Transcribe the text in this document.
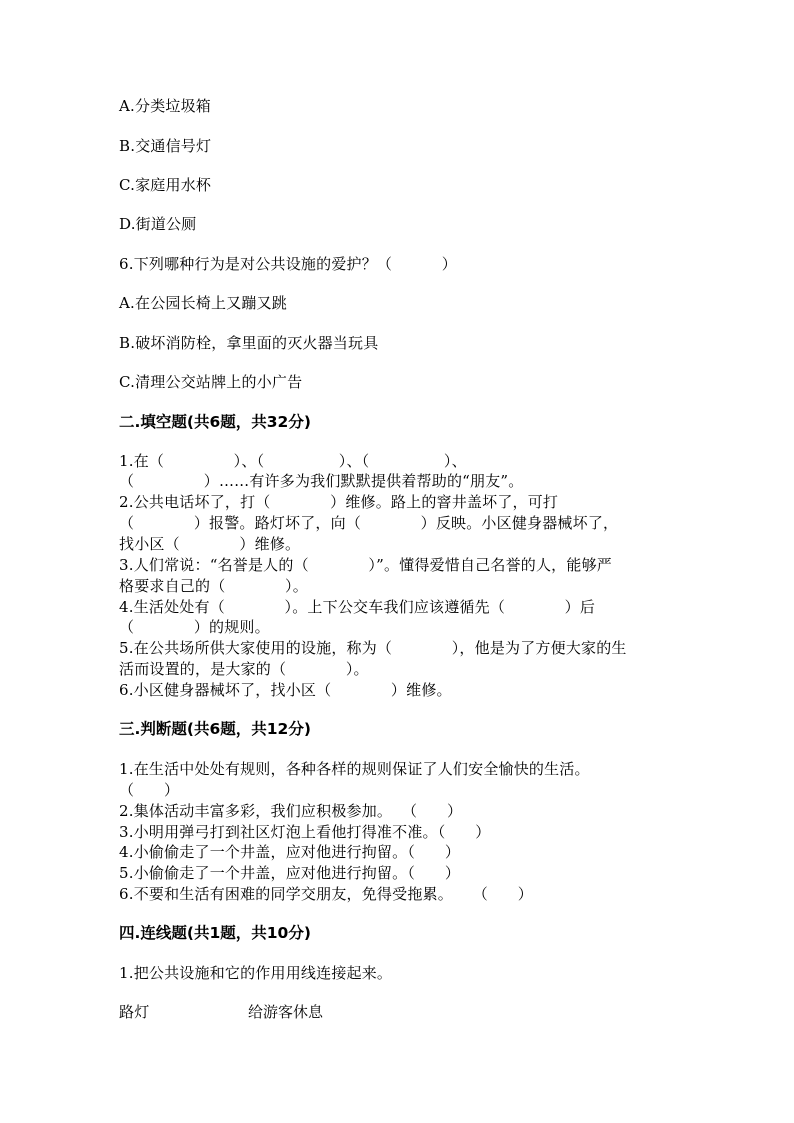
A.分类垃圾箱
B.交通信号灯
C.家庭用水杯
D.街道公厕
6.下列哪种行为是对公共设施的爱护？（          ）
A.在公园长椅上又蹦又跳
B.破坏消防栓，拿里面的灭火器当玩具
C.清理公交站牌上的小广告
二.填空题(共6题，共32分)
1.在（              ）、（               ）、（               ）、
（              ）……有许多为我们默默提供着帮助的“朋友”。
2.公共电话坏了，打（            ）维修。路上的窨井盖坏了，可打
（            ）报警。路灯坏了，向（            ）反映。小区健身器械坏了，
找小区（            ）维修。
3.人们常说：“名誉是人的（            ）”。懂得爱惜自己名誉的人，能够严
格要求自己的（            ）。
4.生活处处有（            ）。上下公交车我们应该遵循先（            ）后
（            ）的规则。
5.在公共场所供大家使用的设施，称为（            ），他是为了方便大家的生
活而设置的，是大家的（            ）。
6.小区健身器械坏了，找小区（            ）维修。
三.判断题(共6题，共12分)
1.在生活中处处有规则，各种各样的规则保证了人们安全愉快的生活。
（      ）
2.集体活动丰富多彩，我们应积极参加。  （      ）
3.小明用弹弓打到社区灯泡上看他打得准不准。（      ）
4.小偷偷走了一个井盖，应对他进行拘留。（      ）
5.小偷偷走了一个井盖，应对他进行拘留。（      ）
6.不要和生活有困难的同学交朋友，免得受拖累。    （      ）
四.连线题(共1题，共10分)
1.把公共设施和它的作用用线连接起来。
路灯	给游客休息
